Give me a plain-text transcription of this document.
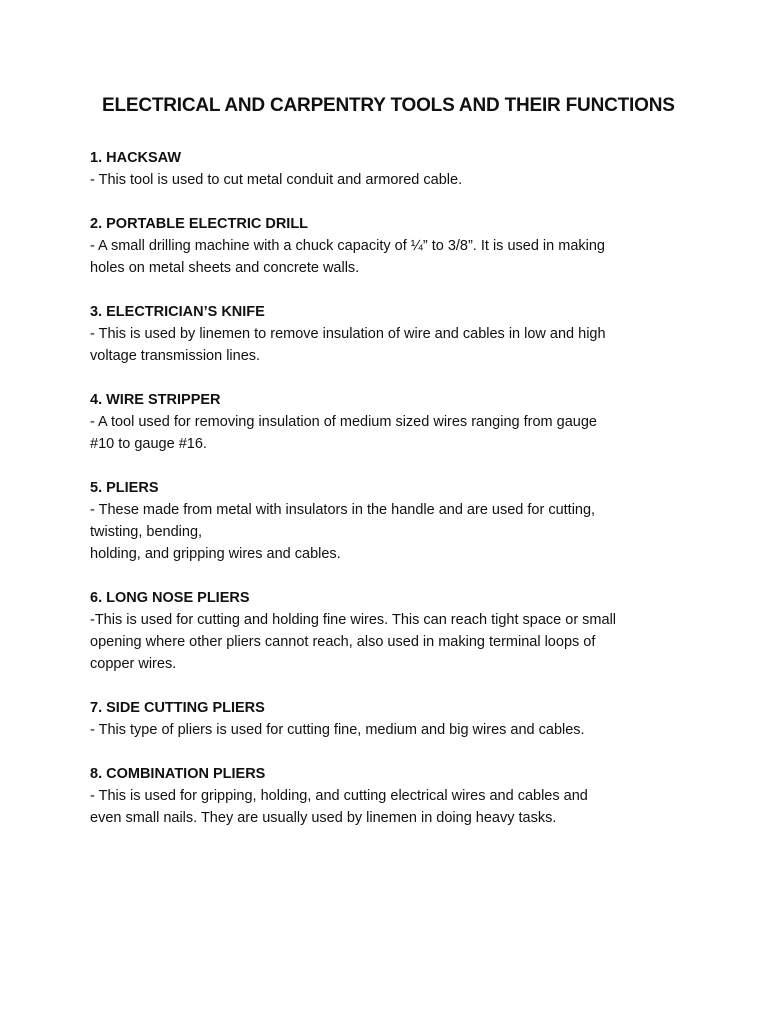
ELECTRICAL AND CARPENTRY TOOLS AND THEIR FUNCTIONS
1. HACKSAW
- This tool is used to cut metal conduit and armored cable.
2. PORTABLE ELECTRIC DRILL
- A small drilling machine with a chuck capacity of ¼” to 3/8”. It is used in making
holes on metal sheets and concrete walls.
3. ELECTRICIAN’S KNIFE
- This is used by linemen to remove insulation of wire and cables in low and high
voltage transmission lines.
4. WIRE STRIPPER
- A tool used for removing insulation of medium sized wires ranging from gauge
#10 to gauge #16.
5. PLIERS
- These made from metal with insulators in the handle and are used for cutting,
twisting, bending,
holding, and gripping wires and cables.
6. LONG NOSE PLIERS
-This is used for cutting and holding fine wires. This can reach tight space or small
opening where other pliers cannot reach, also used in making terminal loops of
copper wires.
7. SIDE CUTTING PLIERS
- This type of pliers is used for cutting fine, medium and big wires and cables.
8. COMBINATION PLIERS
- This is used for gripping, holding, and cutting electrical wires and cables and
even small nails. They are usually used by linemen in doing heavy tasks.
